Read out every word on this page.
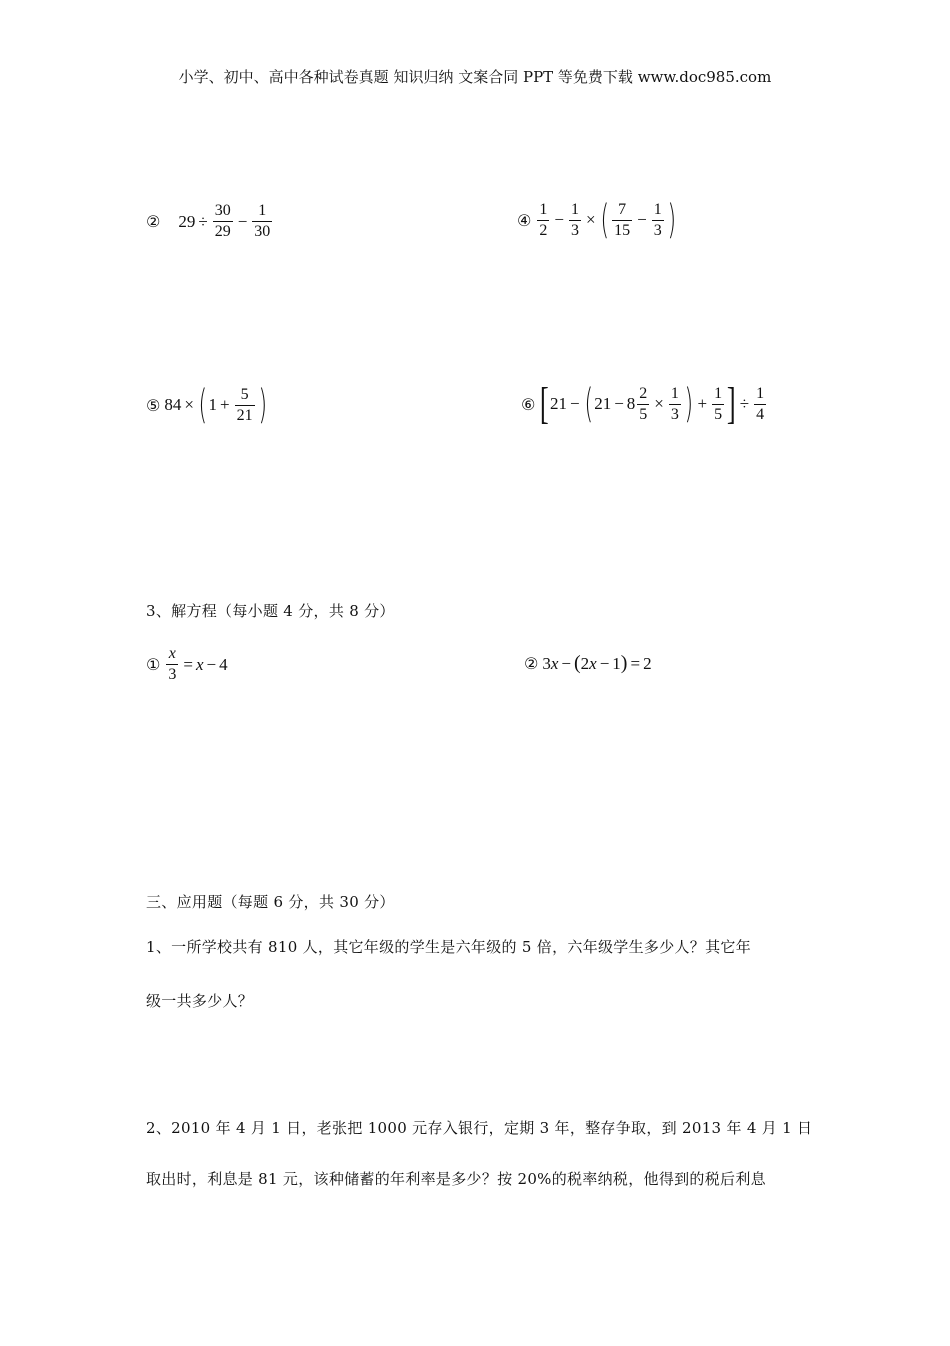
小学、初中、高中各种试卷真题 知识归纳 文案合同 PPT 等免费下载 www.doc985.com
② $29 \div \frac{30}{29} - \frac{1}{30}$	④ $\frac{1}{2} - \frac{1}{3}$ × ( $\frac{7}{15} - \frac{1}{3}$ )
⑤ 84 × ( $1 + \frac{5}{21}$ )	⑥ [ 21 − ( $21 - 8 \frac{2}{5} \times \frac{1}{3}$ ) + $\frac{1}{5}$ ] ÷ $\frac{1}{4}$
3、解方程（每小题 4 分，共 8 分）
① $\frac{x}{3} = x - 4$	② 3 x − ( 2 x − 1 ) = 2
三、应用题（每题 6 分，共 30 分）
1、一所学校共有 810 人，其它年级的学生是六年级的 5 倍，六年级学生多少人？其它年
级一共多少人？
2、2010 年 4 月 1 日，老张把 1000 元存入银行，定期 3 年，整存争取，到 2013 年 4 月 1 日
取出时，利息是 81 元，该种储蓄的年利率是多少？按 20%的税率纳税，他得到的税后利息
